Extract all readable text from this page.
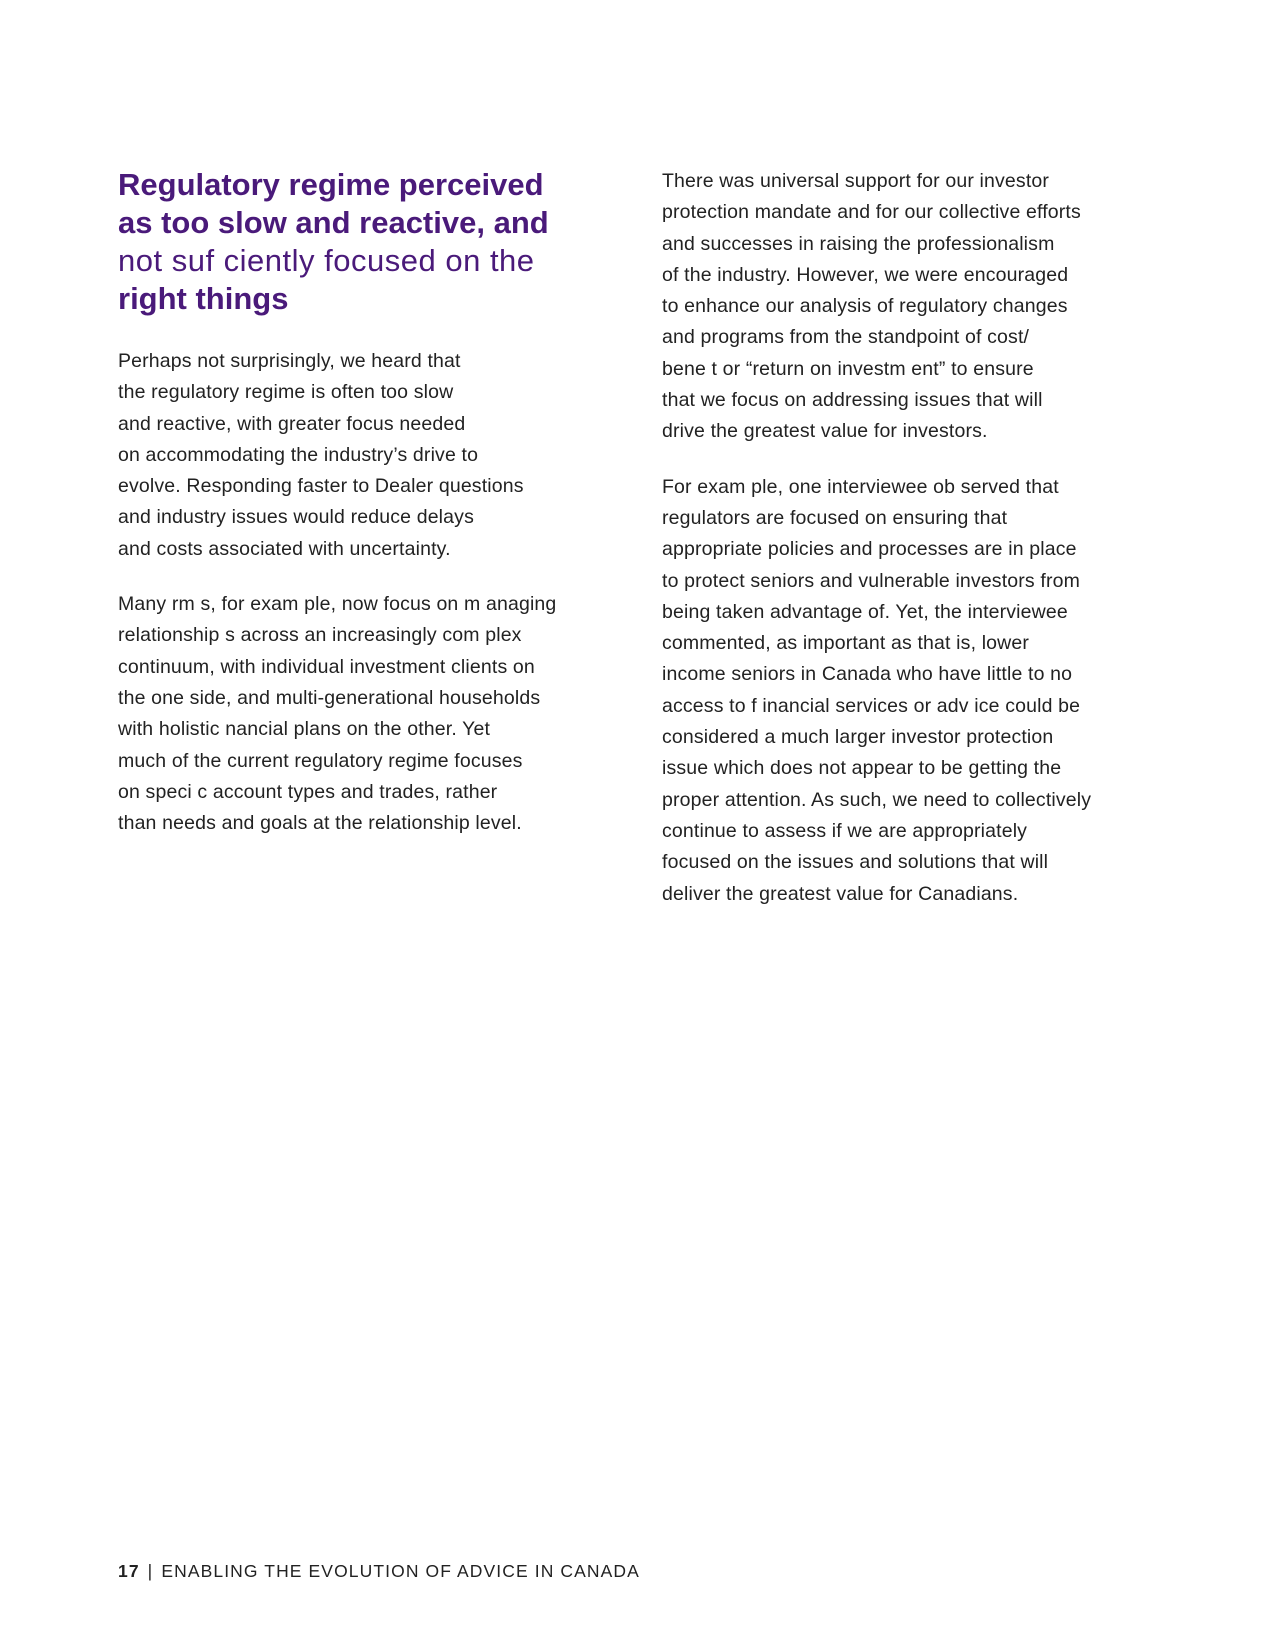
Regulatory regime perceived
as too slow and reactive, and
not suf ciently focused on the
right things

Perhaps not surprisingly, we heard that
the regulatory regime is often too slow
and reactive, with greater focus needed
on accommodating the industry’s drive to
evolve. Responding faster to Dealer questions
and industry issues would reduce delays
and costs associated with uncertainty.

Many rm s, for exam ple, now focus on m anaging
relationship s across an increasingly com plex
continuum, with individual investment clients on
the one side, and multi-generational households
with holistic nancial plans on the other. Yet
much of the current regulatory regime focuses
on speci c account types and trades, rather
than needs and goals at the relationship level.

There was universal support for our investor
protection mandate and for our collective efforts
and successes in raising the professionalism
of the industry. However, we were encouraged
to enhance our analysis of regulatory changes
and programs from the standpoint of cost/
bene t or “return on investm ent” to ensure
that we focus on addressing issues that will
drive the greatest value for investors.

For exam ple, one interviewee ob served that
regulators are focused on ensuring that
appropriate policies and processes are in place
to protect seniors and vulnerable investors from
being taken advantage of. Yet, the interviewee
commented, as important as that is, lower
income seniors in Canada who have little to no
access to f inancial services or adv ice could be
considered a much larger investor protection
issue which does not appear to be getting the
proper attention. As such, we need to collectively
continue to assess if we are appropriately
focused on the issues and solutions that will
deliver the greatest value for Canadians.

17 | ENABLING THE EVOLUTION OF ADVICE IN CANADA
